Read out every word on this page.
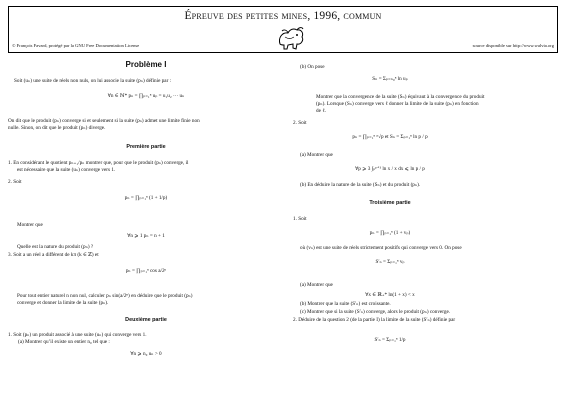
Épreuve des petites mines, 1996, commun
© François Favard, protégé par la GNU Free Documentation License	source disponible sur http://www.walvia.org
Problème I
Soit (uₙ) une suite de réels non nuls, on lui associe la suite (pₙ) définie par :
∀n ∈ ℕ* pₙ = ∏ₚ₌₁ⁿ uₚ = u₁u₂ ··· uₙ
On dit que le produit (pₙ) converge si et seulement si la suite (pₙ) admet une limite finie non
nulle. Sinon, on dit que le produit (pₙ) diverge.
Première partie
1. En considérant le quotient pₙ₊₁/pₙ montrer que, pour que le produit (pₙ) converge, il
est nécessaire que la suite (uₙ) converge vers 1.
2. Soit
pₙ = ∏ₚ₌₁ⁿ (1 + 1/p)
Montrer que
∀n ⩾ 1 pₙ = n + 1
Quelle est la nature du produit (pₙ) ?
3. Soit a un réel a différent de kπ (k ∈ ℤ) et
pₙ = ∏ₚ₌₁ⁿ cos a/2ᵖ
Pour tout entier naturel n non nul, calculer pₙ sin(a/2ⁿ) en déduire que le produit (pₙ)
converge et donner la limite de la suite (pₙ).
Deuxième partie
1. Soit (pₙ) un produit associé à une suite (uₙ) qui converge vers 1.
(a) Montrer qu’il existe un entier n₀ tel que :
∀n ⩾ n₀ uₙ > 0
(b) On pose
Sₙ = Σₚ₌ₙ₀ⁿ ln uₚ
Montrer que la convergence de la suite (Sₙ) équivaut à la convergence du produit
(pₙ). Lorsque (Sₙ) converge vers ℓ donner la limite de la suite (pₙ) en fonction
de ℓ.
2. Soit
pₙ = ∏ₚ₌₁ⁿ ᵖ√p et Sₙ = Σₚ₌₁ⁿ ln p / p
(a) Montrer que
∀p ⩾ 3 ∫ₚᵖ⁺¹ ln x / x dx ⩽ ln p / p
(b) En déduire la nature de la suite (Sₙ) et du produit (pₙ).
Troisième partie
1. Soit
pₙ = ∏ₚ₌₁ⁿ (1 + vₚ)
où (vₙ) est une suite de réels strictement positifs qui converge vers 0. On pose
S′ₙ = Σₚ₌₁ⁿ vₚ
(a) Montrer que
∀x ∈ ℝ₊* ln(1 + x) < x
(b) Montrer que la suite (S′ₙ) est croissante.
(c) Montrer que si la suite (S′ₙ) converge, alors le produit (pₙ) converge.
2. Déduire de la question 2 (de la partie I) la limite de la suite (S′ₙ) définie par
S′ₙ = Σₚ₌₁ⁿ 1/p
